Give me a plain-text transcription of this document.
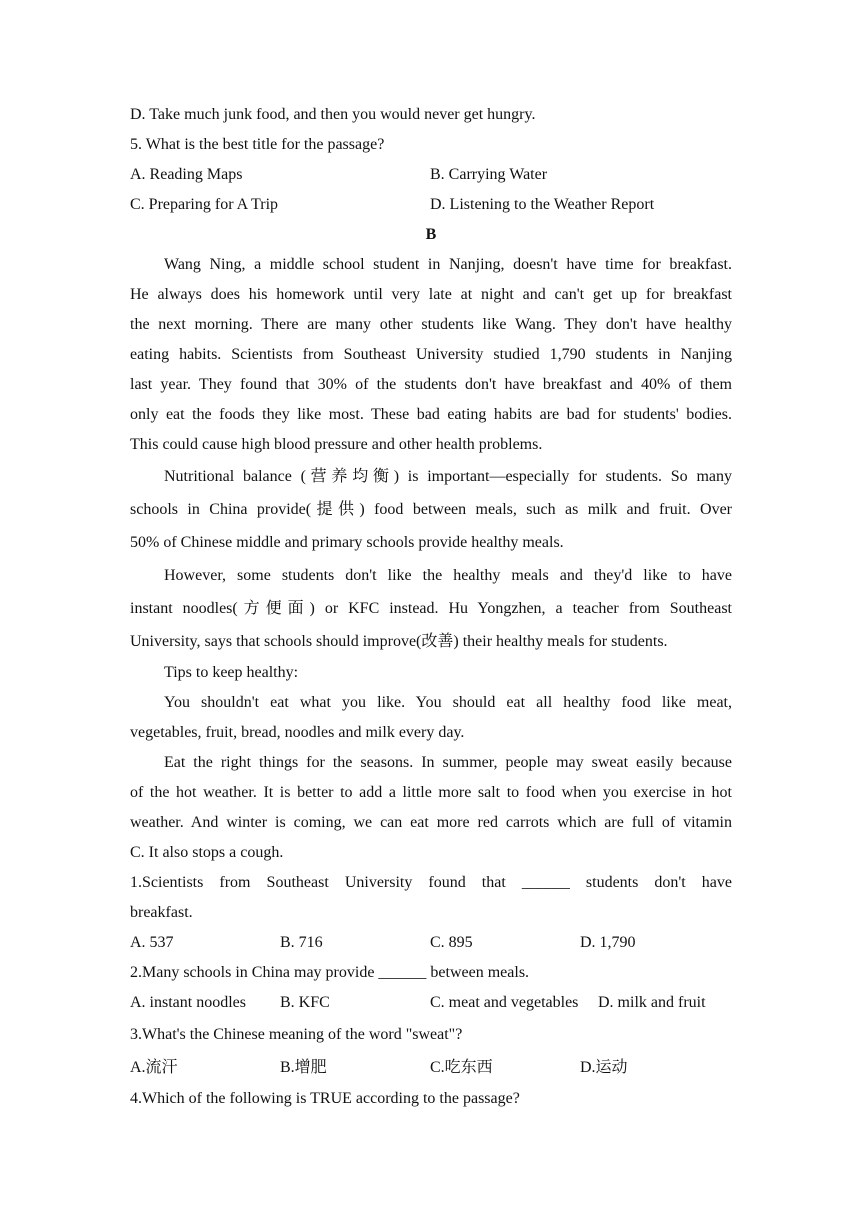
D. Take much junk food, and then you would never get hungry.
5. What is the best title for the passage?
A. Reading Maps	B. Carrying Water
C. Preparing for A Trip	D. Listening to the Weather Report
B
Wang Ning, a middle school student in Nanjing, doesn't have time for breakfast.
He always does his homework until very late at night and can't get up for breakfast
the next morning. There are many other students like Wang. They don't have healthy
eating habits. Scientists from Southeast University studied 1,790 students in Nanjing
last year. They found that 30% of the students don't have breakfast and 40% of them
only eat the foods they like most. These bad eating habits are bad for students' bodies.
This could cause high blood pressure and other health problems.
Nutritional balance (营养均衡) is important—especially for students. So many
schools in China provide(提供) food between meals, such as milk and fruit. Over
50% of Chinese middle and primary schools provide healthy meals.
However, some students don't like the healthy meals and they'd like to have
instant noodles(方便面) or KFC instead. Hu Yongzhen, a teacher from Southeast
University, says that schools should improve(改善) their healthy meals for students.
Tips to keep healthy:
You shouldn't eat what you like. You should eat all healthy food like meat,
vegetables, fruit, bread, noodles and milk every day.
Eat the right things for the seasons. In summer, people may sweat easily because
of the hot weather. It is better to add a little more salt to food when you exercise in hot
weather. And winter is coming, we can eat more red carrots which are full of vitamin
C. It also stops a cough.
1.Scientists from Southeast University found that ______ students don't have
breakfast.
A. 537	B. 716	C. 895	D. 1,790
2.Many schools in China may provide ______ between meals.
A. instant noodles B. KFC	C. meat and vegetables D. milk and fruit
3.What's the Chinese meaning of the word "sweat"?
A.流汗	B.增肥	C.吃东西	D.运动
4.Which of the following is TRUE according to the passage?
